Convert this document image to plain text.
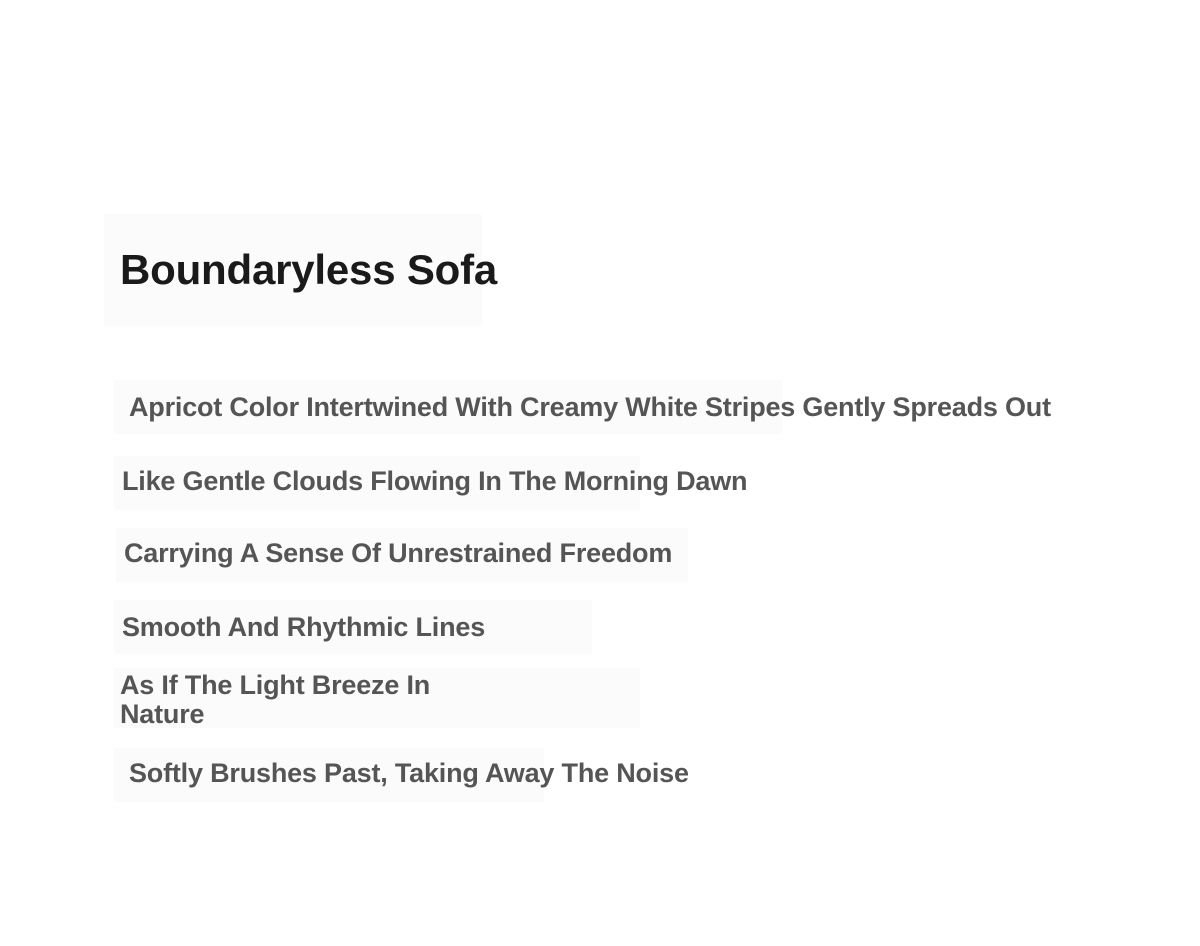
Boundaryless Sofa

Apricot Color Intertwined With Creamy White Stripes Gently Spreads Out

Like Gentle Clouds Flowing In The Morning Dawn

Carrying A Sense Of Unrestrained Freedom

Smooth And Rhythmic Lines

As If The Light Breeze In Nature

Softly Brushes Past, Taking Away The Noise
